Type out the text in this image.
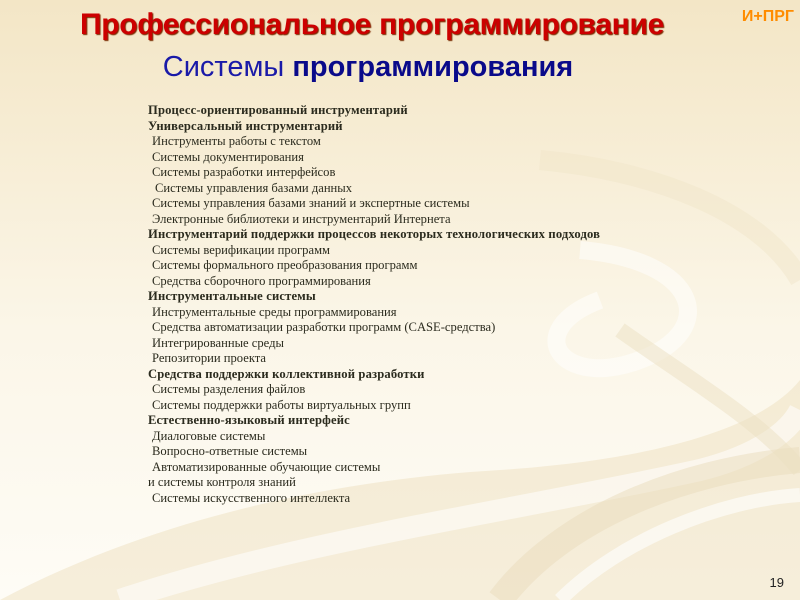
И+ПРГ
Профессиональное программирование
Системы программирования
Процесс-ориентированный инструментарий
Универсальный инструментарий
Инструменты работы с текстом
Системы документирования
Системы разработки интерфейсов
Системы управления базами данных
Системы управления базами знаний и экспертные системы
Электронные библиотеки и инструментарий Интернета
Инструментарий поддержки процессов некоторых технологических подходов
Системы верификации программ
Системы формального преобразования программ
Средства сборочного программирования
Инструментальные системы
Инструментальные среды программирования
Средства автоматизации разработки программ (CASE-средства)
Интегрированные среды
Репозитории проекта
Средства поддержки коллективной разработки
Системы разделения файлов
Системы поддержки работы виртуальных групп
Естественно-языковый интерфейс
Диалоговые системы
Вопросно-ответные системы
Автоматизированные обучающие системы
и системы контроля знаний
Системы искусственного интеллекта
19
